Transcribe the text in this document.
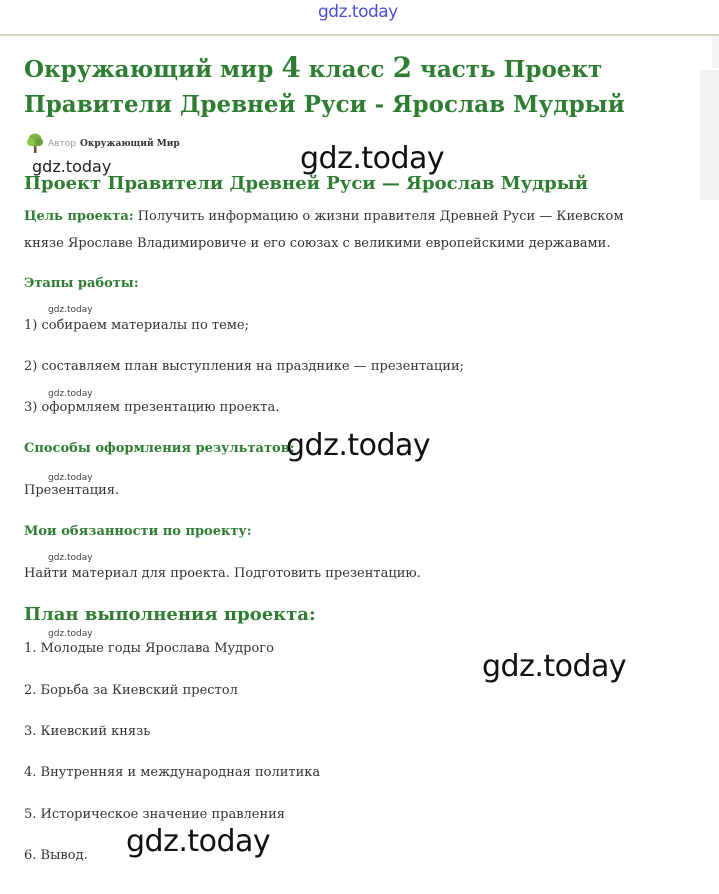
gdz.today
Окружающий мир 4 класс 2 часть Проект Правители Древней Руси - Ярослав Мудрый
Автор Окружающий Мир
Проект Правители Древней Руси — Ярослав Мудрый

Цель проекта: Получить информацию о жизни правителя Древней Руси — Киевском князе Ярославе Владимировиче и его союзах с великими европейскими державами.

Этапы работы:
1) собираем материалы по теме;
2) составляем план выступления на празднике — презентации;
3) оформляем презентацию проекта.
Способы оформления результатов:
Презентация.
Мои обязанности по проекту:
Найти материал для проекта. Подготовить презентацию.
План выполнения проекта:
1. Молодые годы Ярослава Мудрого
2. Борьба за Киевский престол
3. Киевский князь
4. Внутренняя и международная политика
5. Историческое значение правления
6. Вывод.
gdz.today	gdz.today
gdz.today
gdz.today
gdz.today
gdz.today
gdz.today
gdz.today
gdz.today
gdz.today
